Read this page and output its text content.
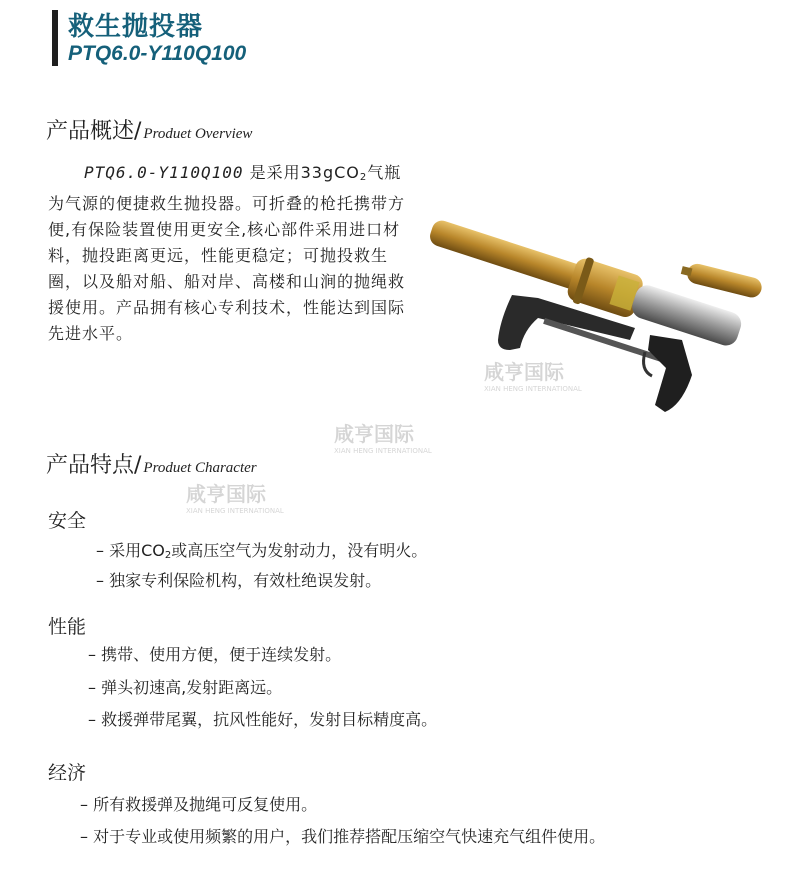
救生抛投器
PTQ6.0-Y110Q100
产品概述/ Produet Overview
PTQ6.0-Y110Q100 是采用33gCO$_2$气瓶为气源的便捷救生抛投器。可折叠的枪托携带方便,有保险装置使用更安全,核心部件采用进口材料，抛投距离更远，性能更稳定；可抛投救生圈，以及船对船、船对岸、高楼和山涧的抛绳救援使用。产品拥有核心专利技术，性能达到国际先进水平。
咸亨国际
XIAN HENG INTERNATIONAL
咸亨国际
XIAN HENG INTERNATIONAL
咸亨国际
XIAN HENG INTERNATIONAL
产品特点/ Produet Character
安全
– 采用$CO_2$或高压空气为发射动力，没有明火。
– 独家专利保险机构，有效杜绝误发射。
性能
– 携带、使用方便，便于连续发射。
– 弹头初速高,发射距离远。
– 救援弹带尾翼，抗风性能好，发射目标精度高。
经济
– 所有救援弹及抛绳可反复使用。
– 对于专业或使用频繁的用户，我们推荐搭配压缩空气快速充气组件使用。
